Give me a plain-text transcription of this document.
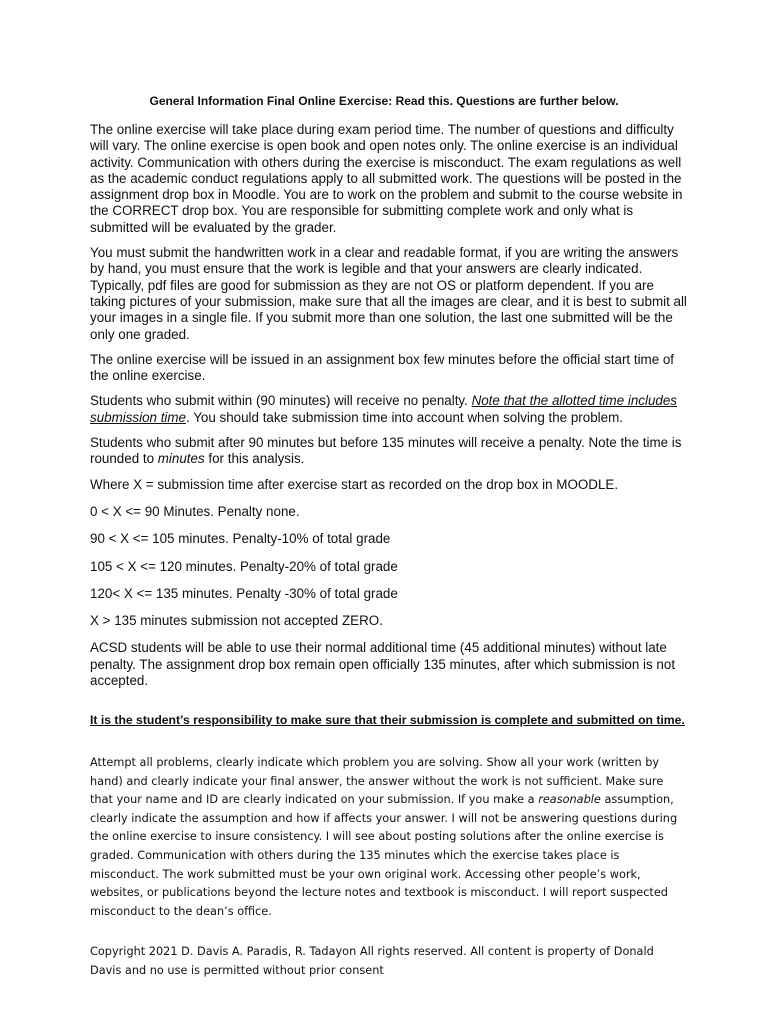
General Information Final Online Exercise: Read this. Questions are further below.

The online exercise will take place during exam period time. The number of questions and difficulty will vary. The online exercise is open book and open notes only. The online exercise is an individual activity. Communication with others during the exercise is misconduct. The exam regulations as well as the academic conduct regulations apply to all submitted work. The questions will be posted in the assignment drop box in Moodle. You are to work on the problem and submit to the course website in the CORRECT drop box. You are responsible for submitting complete work and only what is submitted will be evaluated by the grader.

You must submit the handwritten work in a clear and readable format, if you are writing the answers by hand, you must ensure that the work is legible and that your answers are clearly indicated. Typically, pdf files are good for submission as they are not OS or platform dependent. If you are taking pictures of your submission, make sure that all the images are clear, and it is best to submit all your images in a single file. If you submit more than one solution, the last one submitted will be the only one graded.

The online exercise will be issued in an assignment box few minutes before the official start time of the online exercise.

Students who submit within (90 minutes) will receive no penalty. Note that the allotted time includes submission time. You should take submission time into account when solving the problem.

Students who submit after 90 minutes but before 135 minutes will receive a penalty. Note the time is rounded to minutes for this analysis.

Where X = submission time after exercise start as recorded on the drop box in MOODLE.

0 < X <= 90 Minutes. Penalty none.

90 < X <= 105 minutes. Penalty-10% of total grade

105 < X <= 120 minutes. Penalty-20% of total grade

120< X <= 135 minutes. Penalty -30% of total grade

X > 135 minutes submission not accepted ZERO.

ACSD students will be able to use their normal additional time (45 additional minutes) without late penalty. The assignment drop box remain open officially 135 minutes, after which submission is not accepted.

It is the student’s responsibility to make sure that their submission is complete and submitted on time.
Attempt all problems, clearly indicate which problem you are solving. Show all your work (written by hand) and clearly indicate your final answer, the answer without the work is not sufficient. Make sure that your name and ID are clearly indicated on your submission. If you make a reasonable assumption, clearly indicate the assumption and how if affects your answer. I will not be answering questions during the online exercise to insure consistency. I will see about posting solutions after the online exercise is graded. Communication with others during the 135 minutes which the exercise takes place is misconduct. The work submitted must be your own original work. Accessing other people’s work, websites, or publications beyond the lecture notes and textbook is misconduct. I will report suspected misconduct to the dean’s office.
Copyright 2021 D. Davis A. Paradis, R. Tadayon All rights reserved. All content is property of Donald Davis and no use is permitted without prior consent
